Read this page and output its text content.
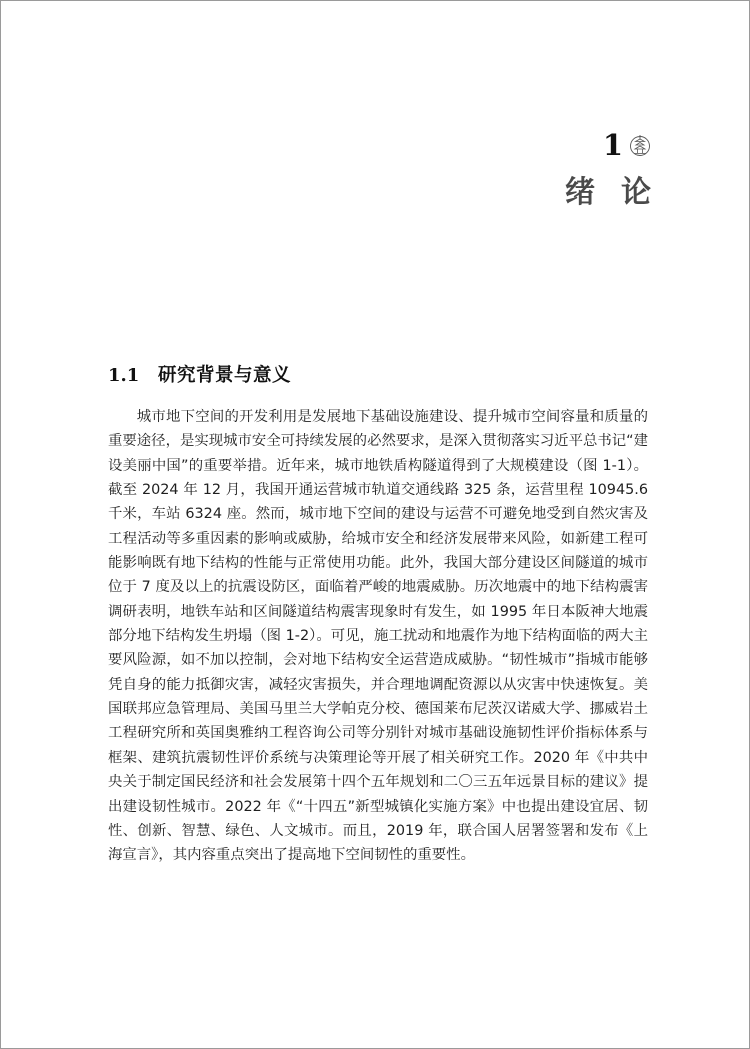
1
绪论
1.1	研究背景与意义

城市地下空间的开发利用是发展地下基础设施建设、提升城市空间容量和质量的重要途径，是实现城市安全可持续发展的必然要求，是深入贯彻落实习近平总书记“建设美丽中国”的重要举措。近年来，城市地铁盾构隧道得到了大规模建设（图 1-1）。截至 2024 年 12 月，我国开通运营城市轨道交通线路 325 条，运营里程 10945.6 千米，车站 6324 座。然而，城市地下空间的建设与运营不可避免地受到自然灾害及工程活动等多重因素的影响或威胁，给城市安全和经济发展带来风险，如新建工程可能影响既有地下结构的性能与正常使用功能。此外，我国大部分建设区间隧道的城市位于 7 度及以上的抗震设防区，面临着严峻的地震威胁。历次地震中的地下结构震害调研表明，地铁车站和区间隧道结构震害现象时有发生，如 1995 年日本阪神大地震部分地下结构发生坍塌（图 1-2）。可见，施工扰动和地震作为地下结构面临的两大主要风险源，如不加以控制，会对地下结构安全运营造成威胁。“韧性城市”指城市能够凭自身的能力抵御灾害，减轻灾害损失，并合理地调配资源以从灾害中快速恢复。美国联邦应急管理局、美国马里兰大学帕克分校、德国莱布尼茨汉诺威大学、挪威岩土工程研究所和英国奥雅纳工程咨询公司等分别针对城市基础设施韧性评价指标体系与框架、建筑抗震韧性评价系统与决策理论等开展了相关研究工作。2020 年《中共中央关于制定国民经济和社会发展第十四个五年规划和二〇三五年远景目标的建议》提出建设韧性城市。2022 年《“十四五”新型城镇化实施方案》中也提出建设宜居、韧性、创新、智慧、绿色、人文城市。而且，2019 年，联合国人居署签署和发布《上海宣言》，其内容重点突出了提高地下空间韧性的重要性。
